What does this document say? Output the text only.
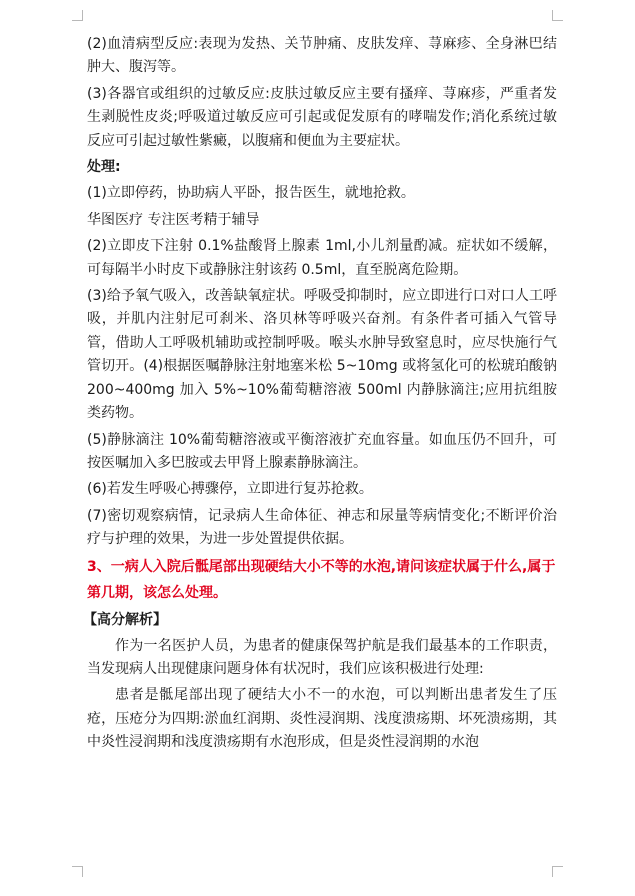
(2)血清病型反应:表现为发热、关节肿痛、皮肤发痒、荨麻疹、全身淋巴结肿大、腹泻等。

(3)各器官或组织的过敏反应:皮肤过敏反应主要有搔痒、荨麻疹，严重者发生剥脱性皮炎;呼吸道过敏反应可引起或促发原有的哮喘发作;消化系统过敏反应可引起过敏性紫癜，以腹痛和便血为主要症状。

处理:

(1)立即停药，协助病人平卧，报告医生，就地抢救。

华图医疗 专注医考精于辅导

(2)立即皮下注射 0.1%盐酸肾上腺素 1ml,小儿剂量酌减。症状如不缓解，可每隔半小时皮下或静脉注射该药 0.5ml，直至脱离危险期。

(3)给予氧气吸入，改善缺氧症状。呼吸受抑制时，应立即进行口对口人工呼吸，并肌内注射尼可刹米、洛贝林等呼吸兴奋剂。有条件者可插入气管导管，借助人工呼吸机辅助或控制呼吸。喉头水肿导致窒息时，应尽快施行气管切开。(4)根据医嘱静脉注射地塞米松 5~10mg 或将氢化可的松琥珀酸钠 200~400mg 加入 5%~10%葡萄糖溶液 500ml 内静脉滴注;应用抗组胺类药物。

(5)静脉滴注 10%葡萄糖溶液或平衡溶液扩充血容量。如血压仍不回升，可按医嘱加入多巴胺或去甲肾上腺素静脉滴注。

(6)若发生呼吸心搏骤停，立即进行复苏抢救。

(7)密切观察病情，记录病人生命体征、神志和尿量等病情变化;不断评价治疗与护理的效果，为进一步处置提供依据。

3、一病人入院后骶尾部出现硬结大小不等的水泡,请问该症状属于什么,属于第几期，该怎么处理。

【高分解析】

作为一名医护人员，为患者的健康保驾护航是我们最基本的工作职责，当发现病人出现健康问题身体有状况时，我们应该积极进行处理:

患者是骶尾部出现了硬结大小不一的水泡，可以判断出患者发生了压疮，压疮分为四期:淤血红润期、炎性浸润期、浅度溃疡期、坏死溃疡期，其中炎性浸润期和浅度溃疡期有水泡形成，但是炎性浸润期的水泡
